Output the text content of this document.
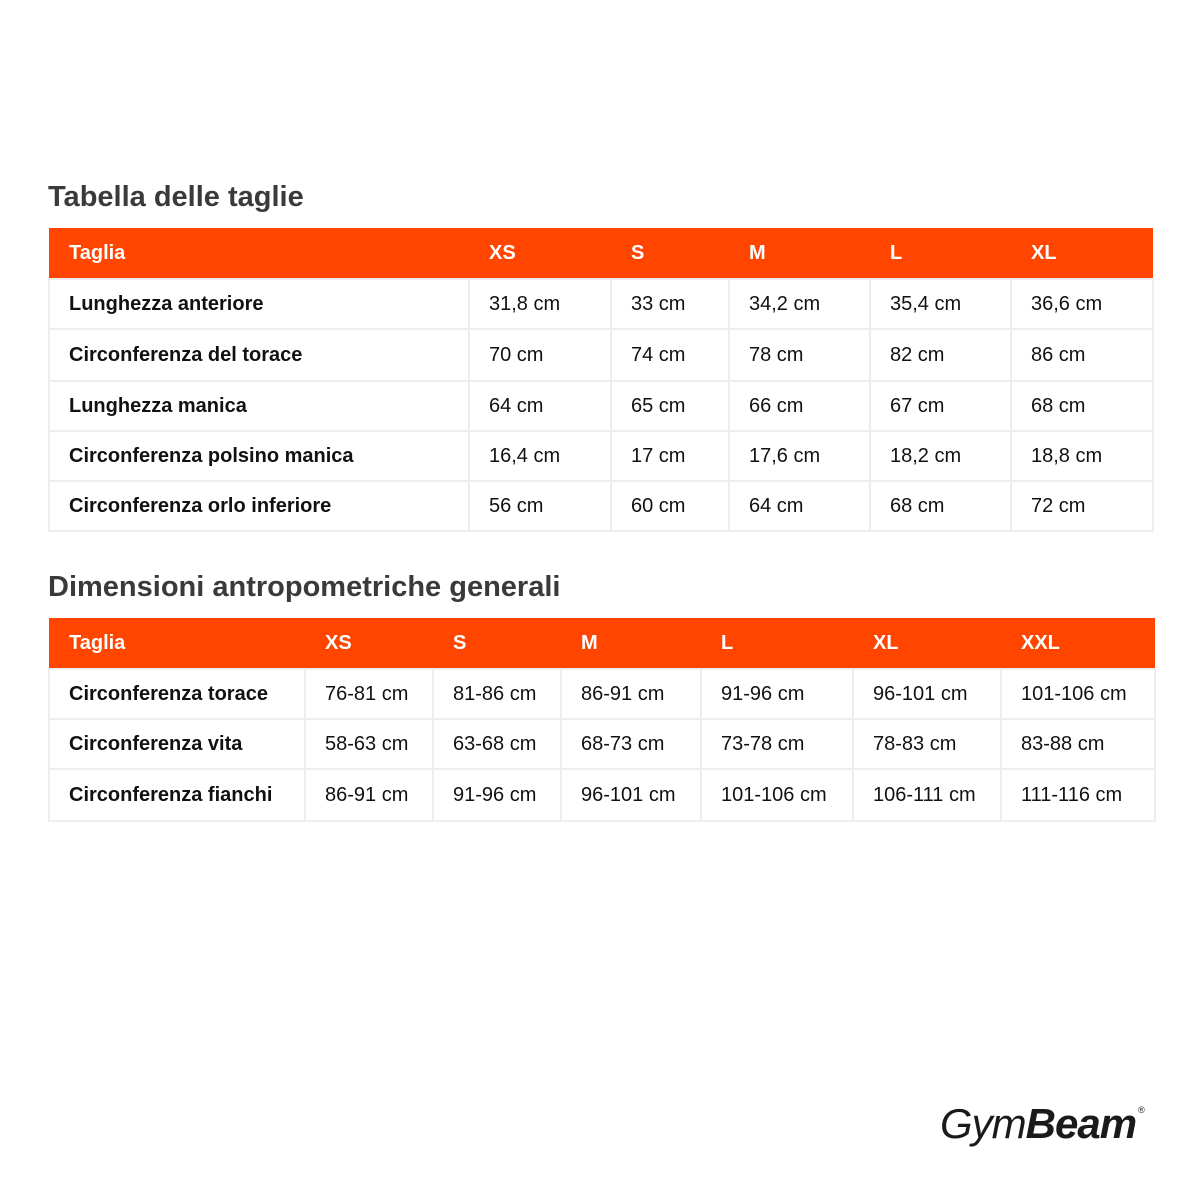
Tabella delle taglie
Taglia	XS	S	M	L	XL
Lunghezza anteriore	31,8 cm	33 cm	34,2 cm	35,4 cm	36,6 cm
Circonferenza del torace	70 cm	74 cm	78 cm	82 cm	86 cm
Lunghezza manica	64 cm	65 cm	66 cm	67 cm	68 cm
Circonferenza polsino manica	16,4 cm	17 cm	17,6 cm	18,2 cm	18,8 cm
Circonferenza orlo inferiore	56 cm	60 cm	64 cm	68 cm	72 cm
Dimensioni antropometriche generali
Taglia	XS	S	M	L	XL	XXL
Circonferenza torace	76-81 cm	81-86 cm	86-91 cm	91-96 cm	96-101 cm	101-106 cm
Circonferenza vita	58-63 cm	63-68 cm	68-73 cm	73-78 cm	78-83 cm	83-88 cm
Circonferenza fianchi	86-91 cm	91-96 cm	96-101 cm	101-106 cm	106-111 cm	111-116 cm
GymBeam ®
